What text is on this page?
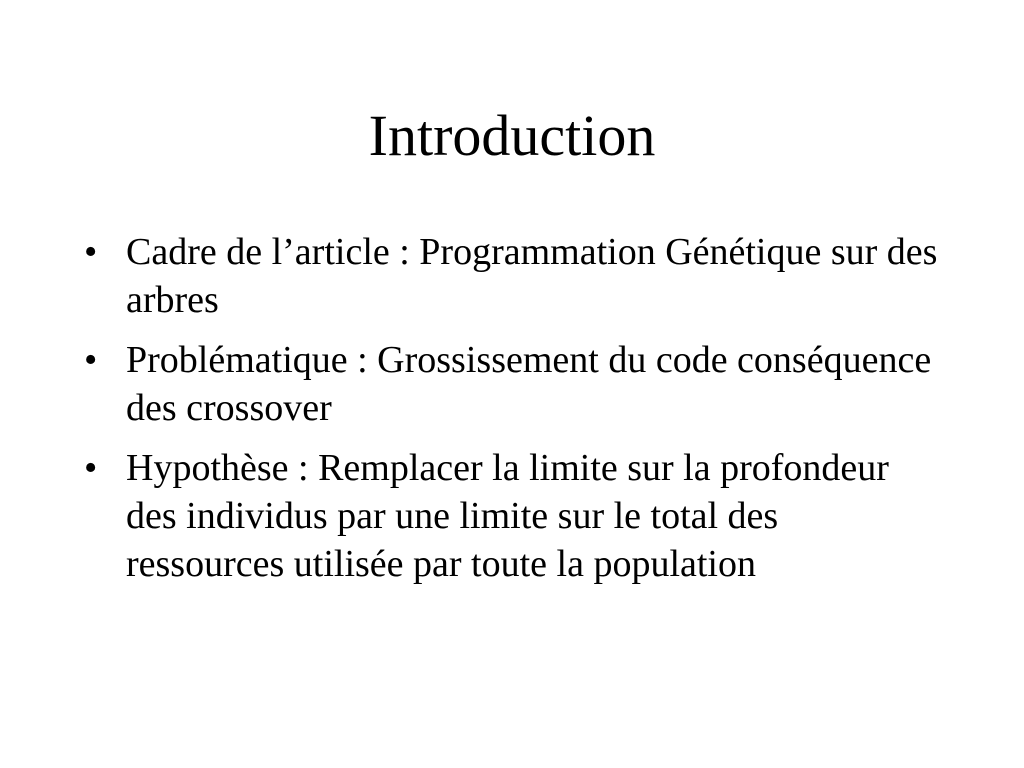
Introduction
• Cadre de l’article : Programmation Génétique sur des arbres
• Problématique : Grossissement du code conséquence des crossover
• Hypothèse : Remplacer la limite sur la profondeur des individus par une limite sur le total des ressources utilisée par toute la population
